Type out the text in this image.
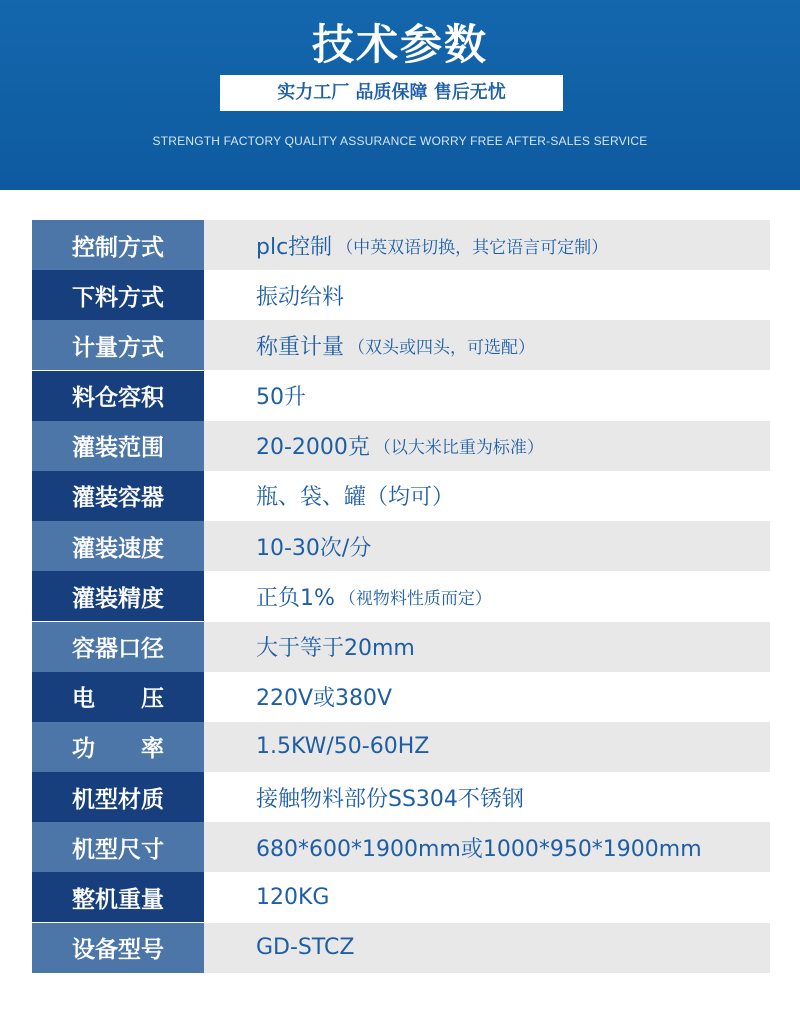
技术参数
实力工厂 品质保障 售后无忧
STRENGTH FACTORY QUALITY ASSURANCE WORRY FREE AFTER-SALES SERVICE
控制方式	plc控制 （中英双语切换，其它语言可定制）
下料方式	振动给料
计量方式	称重计量 （双头或四头，可选配）
料仓容积	50升
灌装范围	20-2000克 （以大米比重为标准）
灌装容器	瓶、袋、罐（均可）
灌装速度	10-30次/分
灌装精度	正负1% （视物料性质而定）
容器口径	大于等于20mm
电　　压	220V或380V
功　　率	1.5KW/50-60HZ
机型材质	接触物料部份SS304不锈钢
机型尺寸	680*600*1900mm或1000*950*1900mm
整机重量	120KG
设备型号	GD-STCZ
